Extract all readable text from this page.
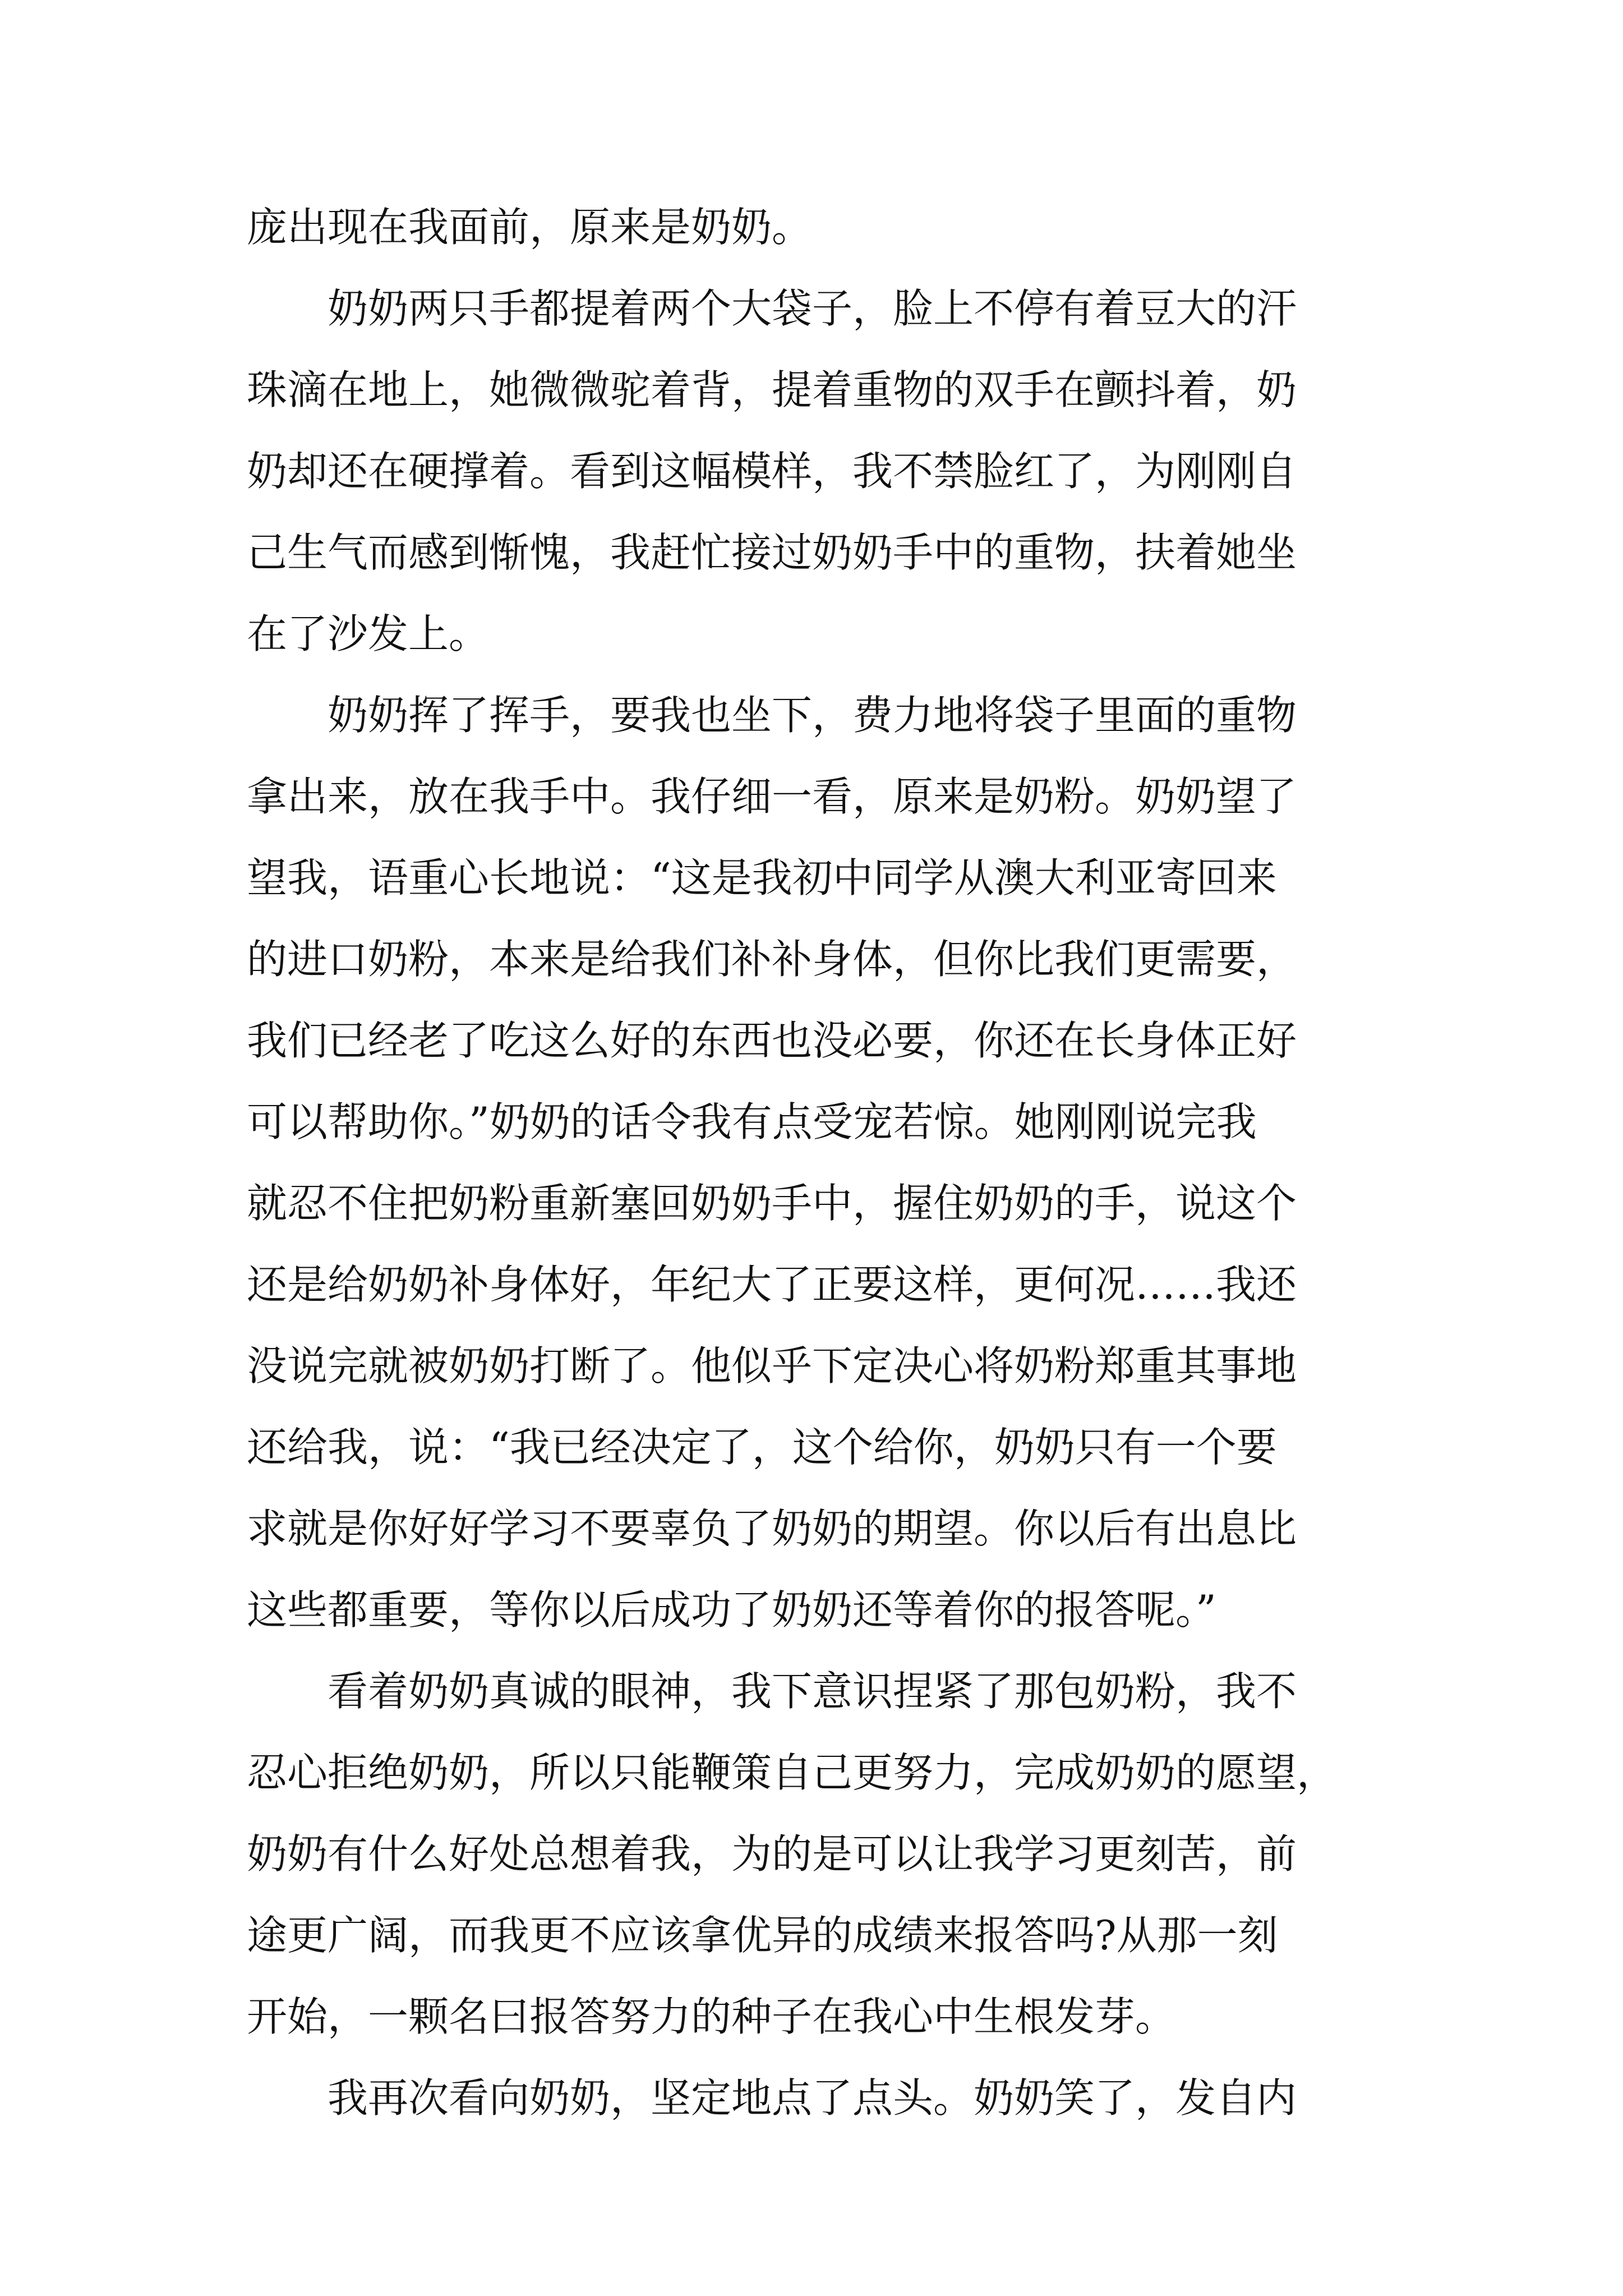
庞出现在我面前，原来是奶奶。
　　奶奶两只手都提着两个大袋子，脸上不停有着豆大的汗
珠滴在地上，她微微驼着背，提着重物的双手在颤抖着，奶
奶却还在硬撑着。看到这幅模样，我不禁脸红了，为刚刚自
己生气而感到惭愧，我赶忙接过奶奶手中的重物，扶着她坐
在了沙发上。
　　奶奶挥了挥手，要我也坐下，费力地将袋子里面的重物
拿出来，放在我手中。我仔细一看，原来是奶粉。奶奶望了
望我，语重心长地说：“这是我初中同学从澳大利亚寄回来
的进口奶粉，本来是给我们补补身体，但你比我们更需要，
我们已经老了吃这么好的东西也没必要，你还在长身体正好
可以帮助你。”奶奶的话令我有点受宠若惊。她刚刚说完我
就忍不住把奶粉重新塞回奶奶手中，握住奶奶的手，说这个
还是给奶奶补身体好，年纪大了正要这样，更何况……我还
没说完就被奶奶打断了。他似乎下定决心将奶粉郑重其事地
还给我，说：“我已经决定了，这个给你，奶奶只有一个要
求就是你好好学习不要辜负了奶奶的期望。你以后有出息比
这些都重要，等你以后成功了奶奶还等着你的报答呢。”
　　看着奶奶真诚的眼神，我下意识捏紧了那包奶粉，我不
忍心拒绝奶奶，所以只能鞭策自己更努力，完成奶奶的愿望，
奶奶有什么好处总想着我，为的是可以让我学习更刻苦，前
途更广阔，而我更不应该拿优异的成绩来报答吗?从那一刻
开始，一颗名曰报答努力的种子在我心中生根发芽。
　　我再次看向奶奶，坚定地点了点头。奶奶笑了，发自内
